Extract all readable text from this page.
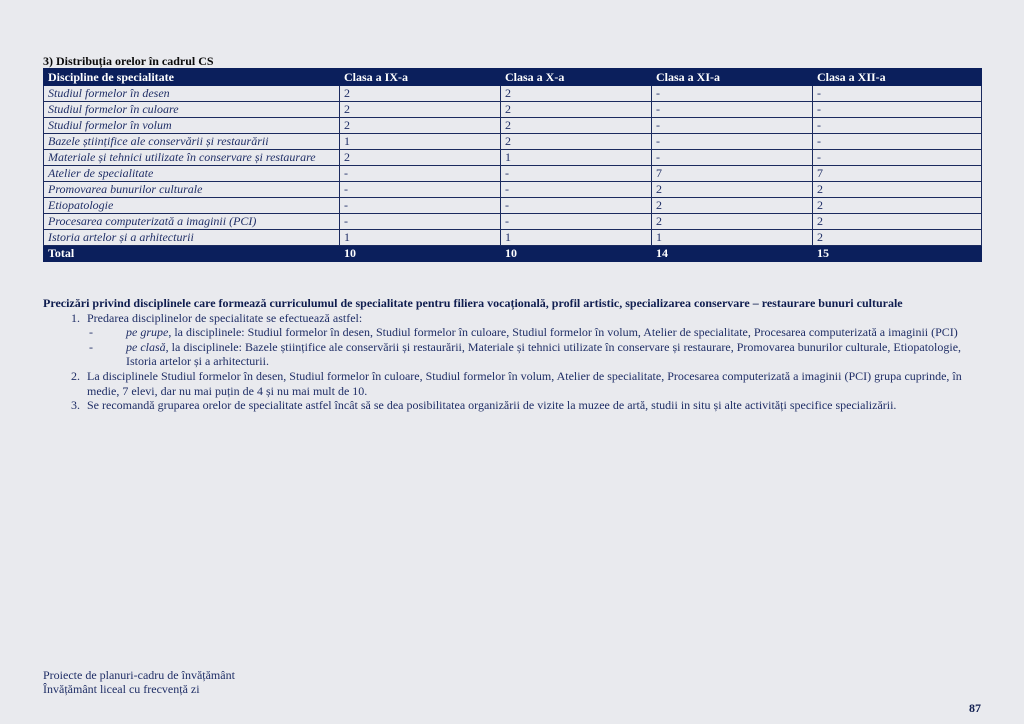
3) Distribuția orelor în cadrul CS
Discipline de specialitate	Clasa a IX-a	Clasa a X-a	Clasa a XI-a	Clasa a XII-a
Studiul formelor în desen	2	2	-	-
Studiul formelor în culoare	2	2	-	-
Studiul formelor în volum	2	2	-	-
Bazele științifice ale conservării și restaurării	1	2	-	-
Materiale și tehnici utilizate în conservare și restaurare	2	1	-	-
Atelier de specialitate	-	-	7	7
Promovarea bunurilor culturale	-	-	2	2
Etiopatologie	-	-	2	2
Procesarea computerizată a imaginii (PCI)	-	-	2	2
Istoria artelor și a arhitecturii	1	1	1	2
Total	10	10	14	15
Precizări privind disciplinele care formează curriculumul de specialitate pentru filiera vocațională, profil artistic, specializarea conservare – restaurare bunuri culturale
1. Predarea disciplinelor de specialitate se efectuează astfel:
-	pe grupe, la disciplinele: Studiul formelor în desen, Studiul formelor în culoare, Studiul formelor în volum, Atelier de specialitate, Procesarea computerizată a imaginii (PCI)
-	pe clasă, la disciplinele: Bazele științifice ale conservării și restaurării, Materiale și tehnici utilizate în conservare și restaurare, Promovarea bunurilor culturale, Etiopatologie, Istoria artelor și a arhitecturii.
2. La disciplinele Studiul formelor în desen, Studiul formelor în culoare, Studiul formelor în volum, Atelier de specialitate, Procesarea computerizată a imaginii (PCI) grupa cuprinde, în medie, 7 elevi, dar nu mai puțin de 4 și nu mai mult de 10.
3. Se recomandă gruparea orelor de specialitate astfel încât să se dea posibilitatea organizării de vizite la muzee de artă, studii in situ și alte activități specifice specializării.
Proiecte de planuri-cadru de învățământ
Învățământ liceal cu frecvență zi
87
